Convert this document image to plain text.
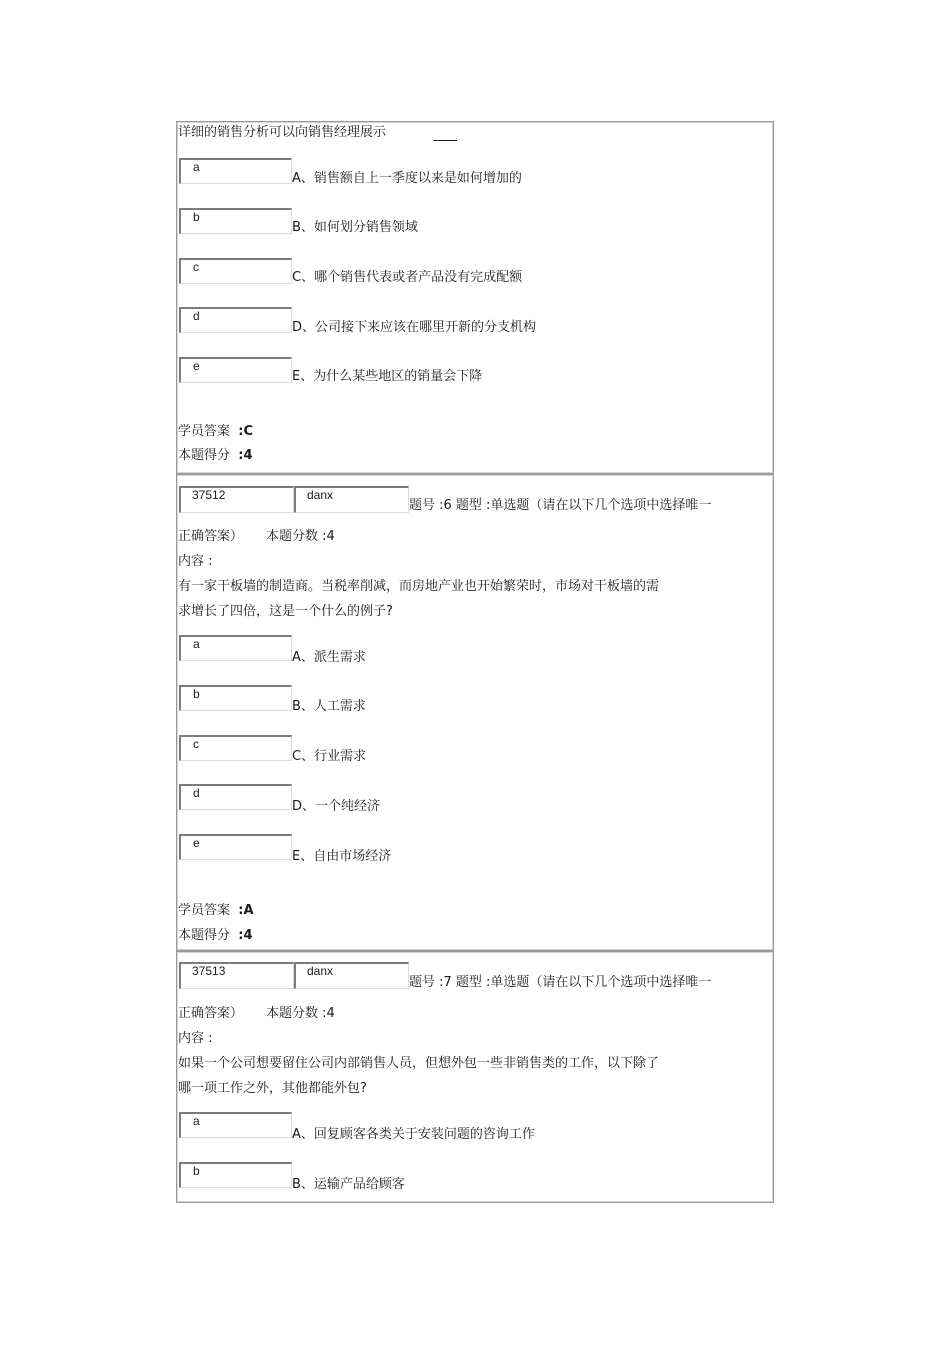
详细的销售分析可以向销售经理展示
a
A、销售额自上一季度以来是如何增加的
b
B、如何划分销售领域
c
C、哪个销售代表或者产品没有完成配额
d
D、公司接下来应该在哪里开新的分支机构
e
E、为什么某些地区的销量会下降
学员答案 :C
本题得分 :4
37512	danx
题号 :6 题型 :单选题（请在以下几个选项中选择唯一
正确答案） 本题分数 :4
内容 :
有一家干板墙的制造商。当税率削减，而房地产业也开始繁荣时，市场对干板墙的需
求增长了四倍，这是一个什么的例子?
a
A、派生需求
b
B、人工需求
c
C、行业需求
d
D、一个纯经济
e
E、自由市场经济
学员答案 :A
本题得分 :4
37513	danx
题号 :7 题型 :单选题（请在以下几个选项中选择唯一
正确答案） 本题分数 :4
内容 :
如果一个公司想要留住公司内部销售人员，但想外包一些非销售类的工作，以下除了
哪一项工作之外，其他都能外包?
a
A、回复顾客各类关于安装问题的咨询工作
b
B、运输产品给顾客
